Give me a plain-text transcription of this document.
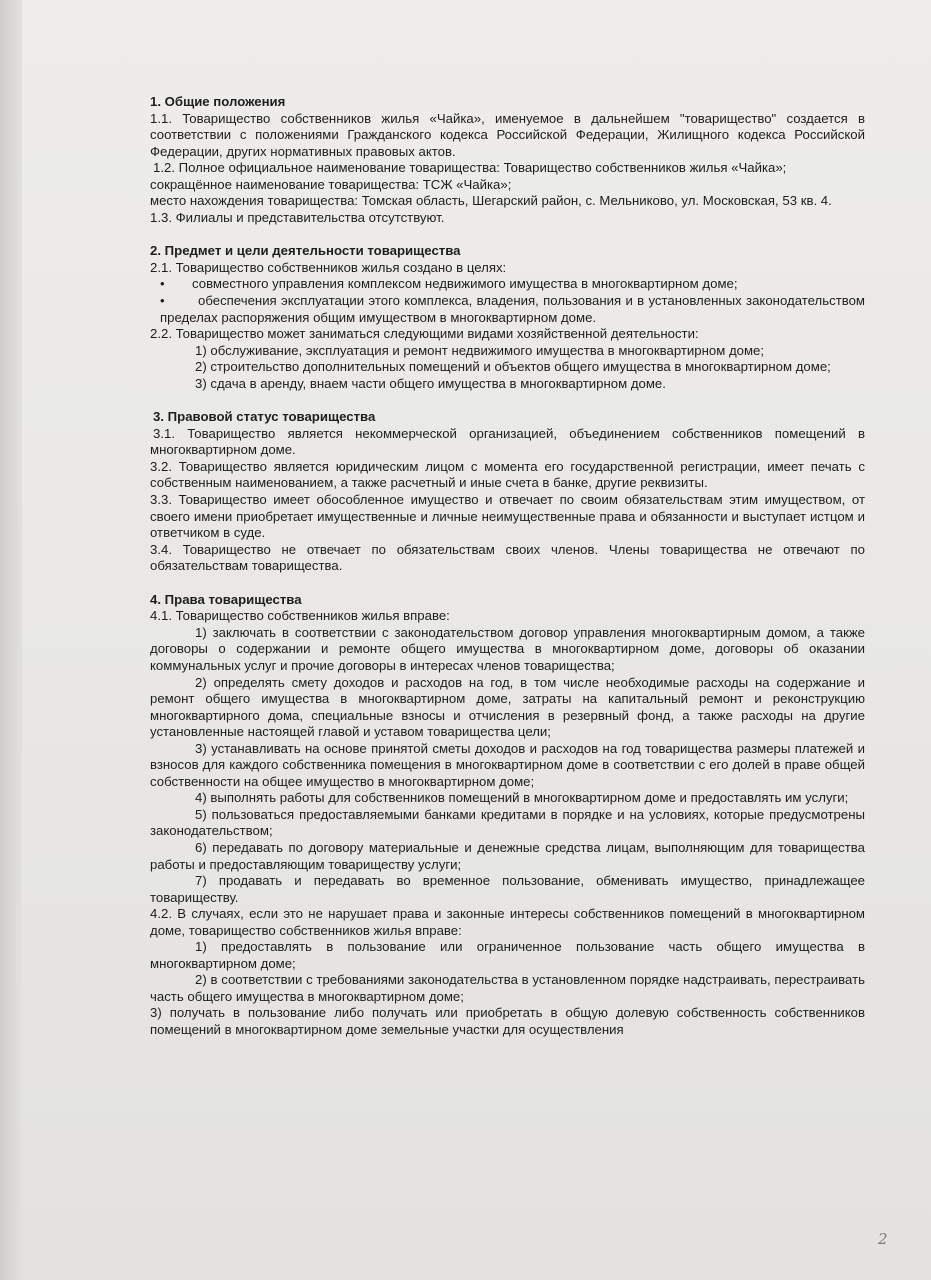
1. Общие положения

1.1. Товарищество собственников жилья «Чайка», именуемое в дальнейшем "товарищество" создается в соответствии с положениями Гражданского кодекса Российской Федерации, Жилищного кодекса Российской Федерации, других нормативных правовых актов.

1.2. Полное официальное наименование товарищества: Товарищество собственников жилья «Чайка»;

сокращённое наименование товарищества: ТСЖ «Чайка»;

место нахождения товарищества: Томская область, Шегарский район, с. Мельниково, ул. Московская, 53 кв. 4.

1.3. Филиалы и представительства отсутствуют.

2. Предмет и цели деятельности товарищества

2.1. Товарищество собственников жилья создано в целях:

•	совместного управления комплексом недвижимого имущества в многоквартирном доме;

•	обеспечения эксплуатации этого комплекса, владения, пользования и в установленных законодательством пределах распоряжения общим имуществом в многоквартирном доме.

2.2. Товарищество может заниматься следующими видами хозяйственной деятельности:

1) обслуживание, эксплуатация и ремонт недвижимого имущества в многоквартирном доме;

2) строительство дополнительных помещений и объектов общего имущества в многоквартирном доме;

3) сдача в аренду, внаем части общего имущества в многоквартирном доме.

3. Правовой статус товарищества

3.1. Товарищество является некоммерческой организацией, объединением собственников помещений в многоквартирном доме.

3.2. Товарищество является юридическим лицом с момента его государственной регистрации, имеет печать с собственным наименованием, а также расчетный и иные счета в банке, другие реквизиты.

3.3. Товарищество имеет обособленное имущество и отвечает по своим обязательствам этим имуществом, от своего имени приобретает имущественные и личные неимущественные права и обязанности и выступает истцом и ответчиком в суде.

3.4. Товарищество не отвечает по обязательствам своих членов. Члены товарищества не отвечают по обязательствам товарищества.

4. Права товарищества

4.1. Товарищество собственников жилья вправе:

1) заключать в соответствии с законодательством договор управления многоквартирным домом, а также договоры о содержании и ремонте общего имущества в многоквартирном доме, договоры об оказании коммунальных услуг и прочие договоры в интересах членов товарищества;

2) определять смету доходов и расходов на год, в том числе необходимые расходы на содержание и ремонт общего имущества в многоквартирном доме, затраты на капитальный ремонт и реконструкцию многоквартирного дома, специальные взносы и отчисления в резервный фонд, а также расходы на другие установленные настоящей главой и уставом товарищества цели;

3) устанавливать на основе принятой сметы доходов и расходов на год товарищества размеры платежей и взносов для каждого собственника помещения в многоквартирном доме в соответствии с его долей в праве общей собственности на общее имущество в многоквартирном доме;

4) выполнять работы для собственников помещений в многоквартирном доме и предоставлять им услуги;

5) пользоваться предоставляемыми банками кредитами в порядке и на условиях, которые предусмотрены законодательством;

6) передавать по договору материальные и денежные средства лицам, выполняющим для товарищества работы и предоставляющим товариществу услуги;

7) продавать и передавать во временное пользование, обменивать имущество, принадлежащее товариществу.

4.2. В случаях, если это не нарушает права и законные интересы собственников помещений в многоквартирном доме, товарищество собственников жилья вправе:

1) предоставлять в пользование или ограниченное пользование часть общего имущества в многоквартирном доме;

2) в соответствии с требованиями законодательства в установленном порядке надстраивать, перестраивать часть общего имущества в многоквартирном доме;

3) получать в пользование либо получать или приобретать в общую долевую собственность собственников помещений в многоквартирном доме земельные участки для осуществления

2
